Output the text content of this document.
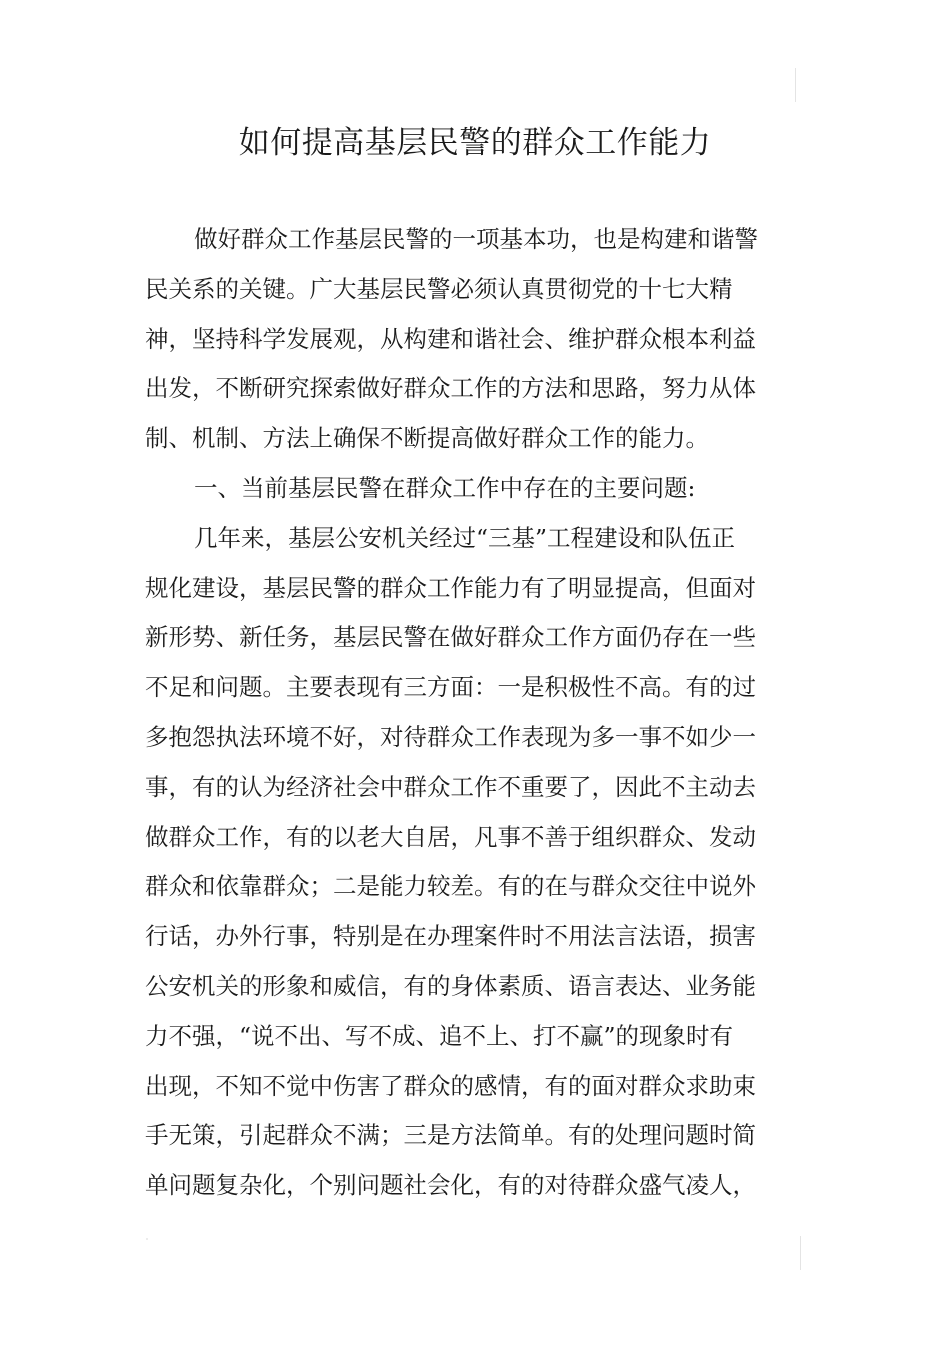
如何提高基层民警的群众工作能力
做好群众工作基层民警的一项基本功，也是构建和谐警
民关系的关键。广大基层民警必须认真贯彻党的十七大精
神，坚持科学发展观，从构建和谐社会、维护群众根本利益
出发，不断研究探索做好群众工作的方法和思路，努力从体
制、机制、方法上确保不断提高做好群众工作的能力。
一、当前基层民警在群众工作中存在的主要问题:
几年来，基层公安机关经过“三基”工程建设和队伍正
规化建设，基层民警的群众工作能力有了明显提高，但面对
新形势、新任务，基层民警在做好群众工作方面仍存在一些
不足和问题。主要表现有三方面：一是积极性不高。有的过
多抱怨执法环境不好，对待群众工作表现为多一事不如少一
事，有的认为经济社会中群众工作不重要了，因此不主动去
做群众工作，有的以老大自居，凡事不善于组织群众、发动
群众和依靠群众；二是能力较差。有的在与群众交往中说外
行话，办外行事，特别是在办理案件时不用法言法语，损害
公安机关的形象和威信，有的身体素质、语言表达、业务能
力不强，“说不出、写不成、追不上、打不赢”的现象时有
出现，不知不觉中伤害了群众的感情，有的面对群众求助束
手无策，引起群众不满；三是方法简单。有的处理问题时简
单问题复杂化，个别问题社会化，有的对待群众盛气凌人，
